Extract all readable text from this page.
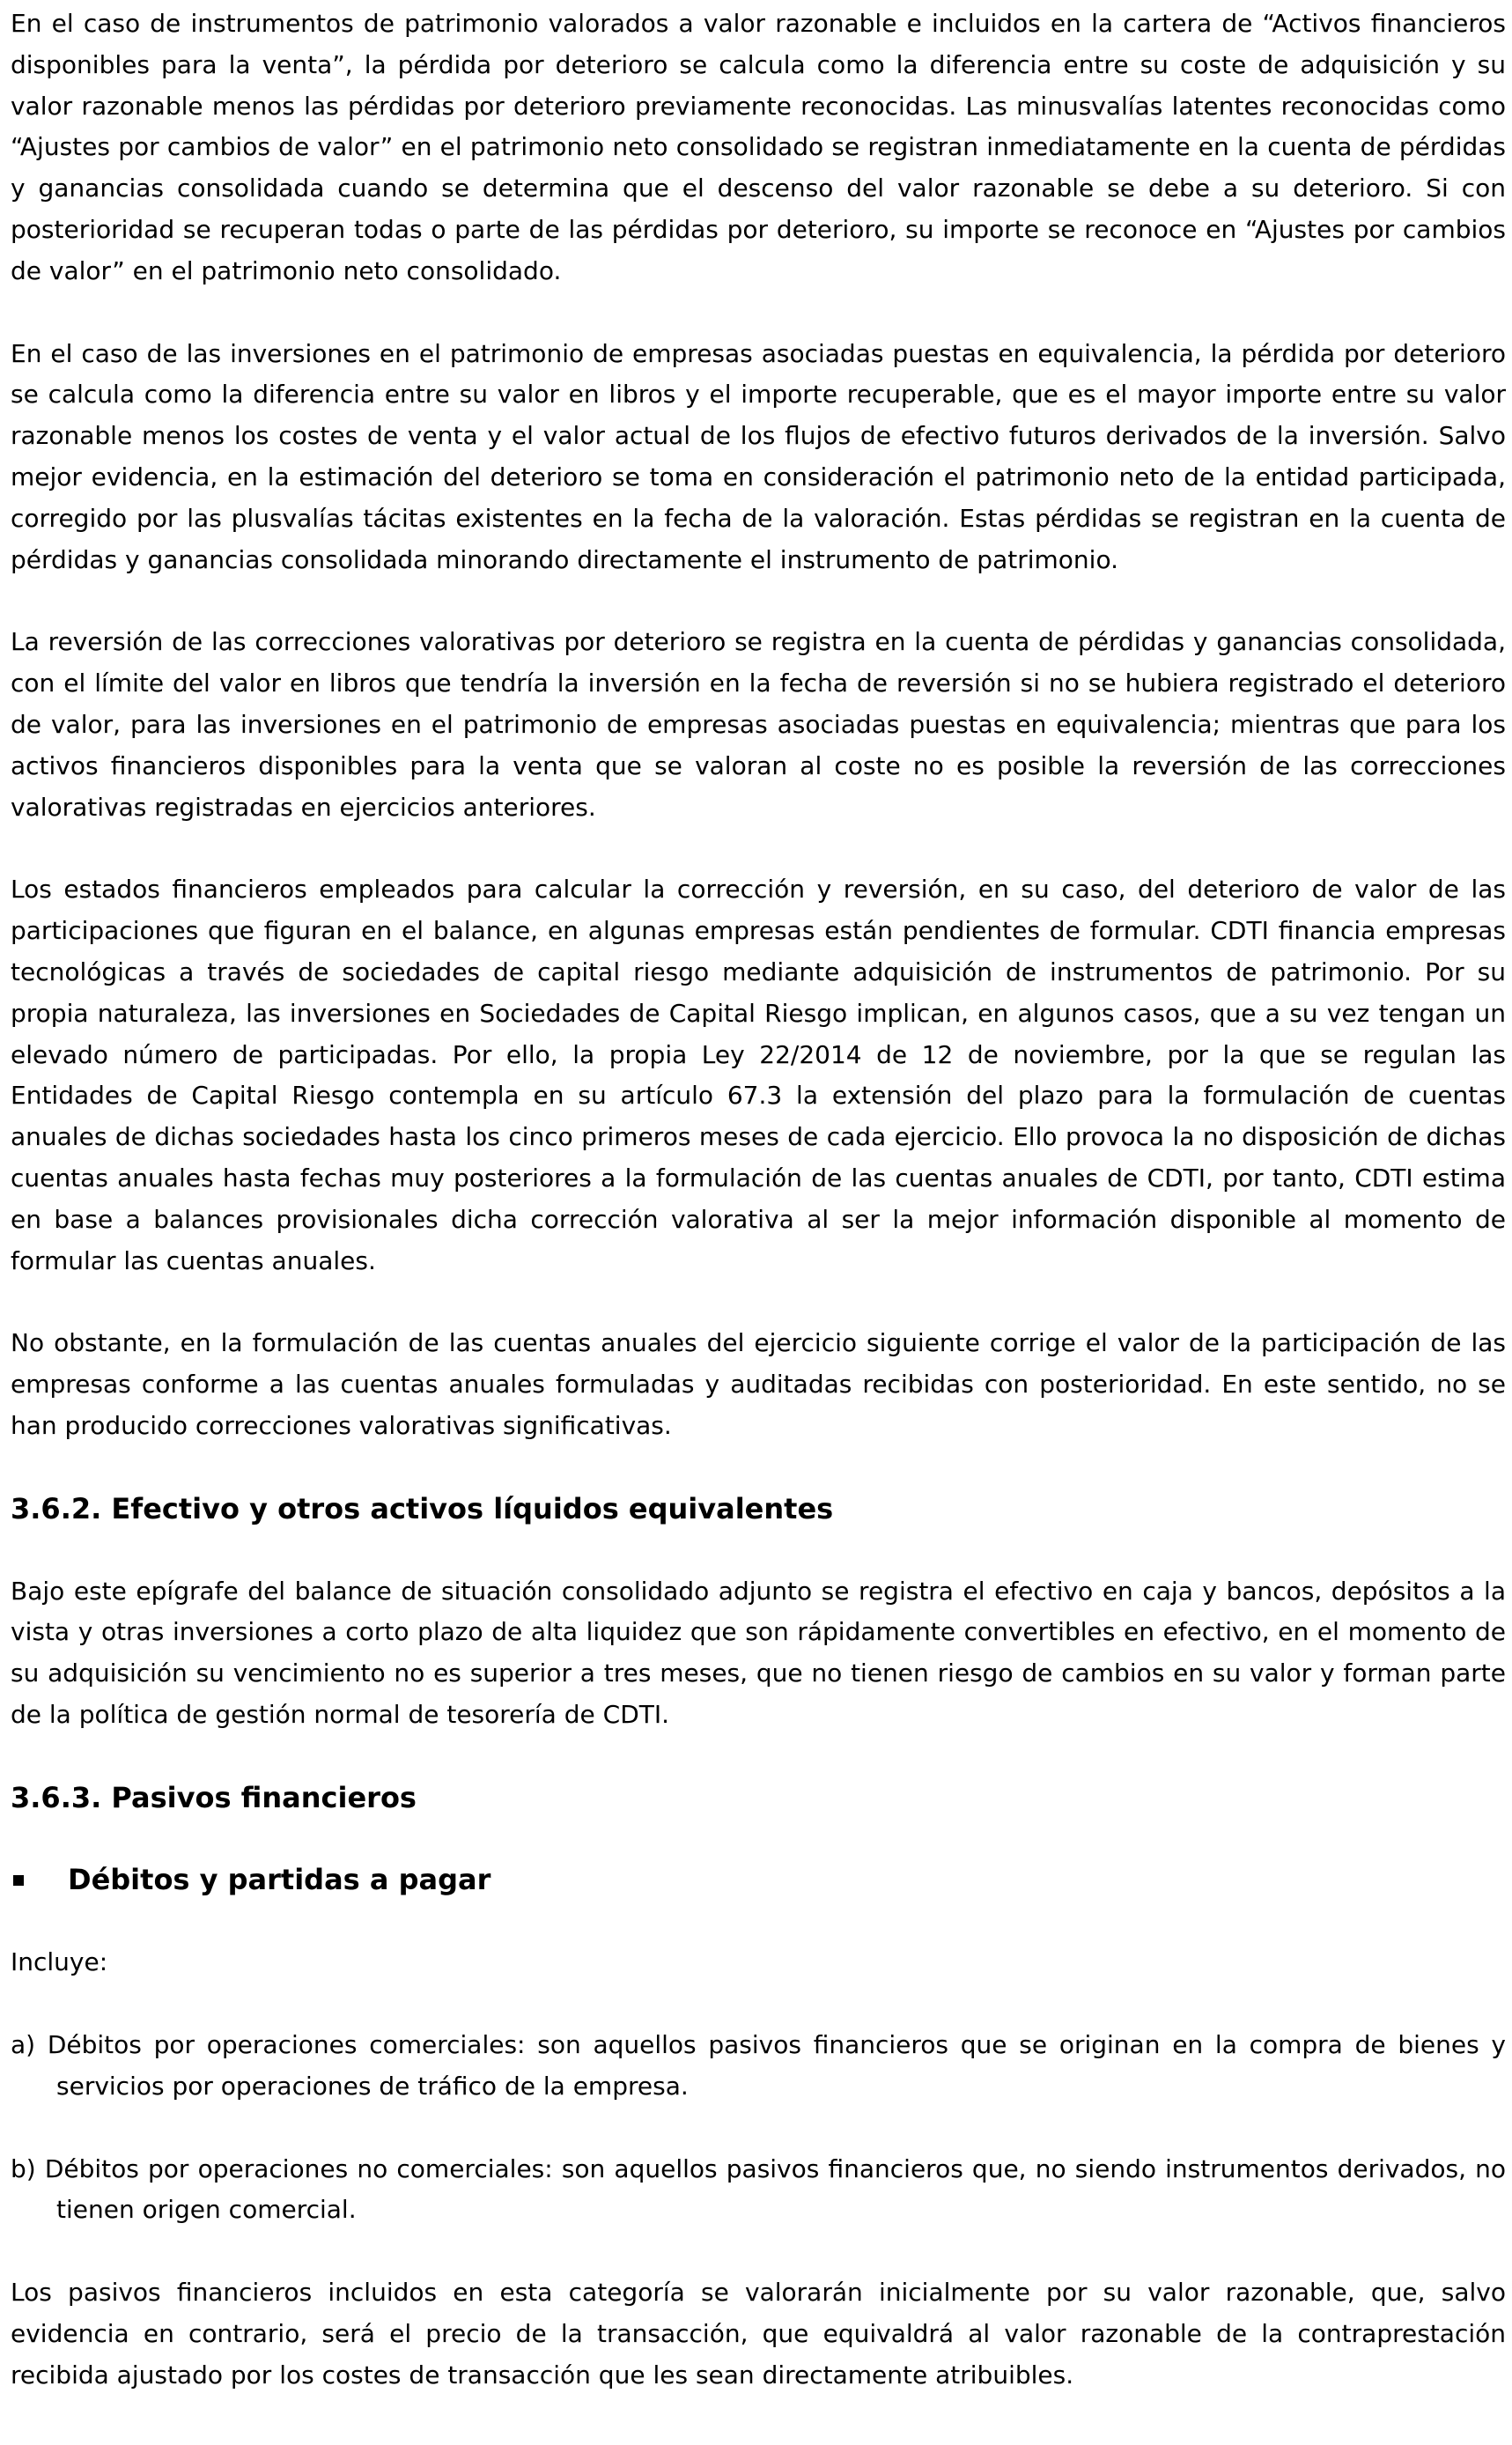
En el caso de instrumentos de patrimonio valorados a valor razonable e incluidos en la cartera de “Activos financieros disponibles para la venta”, la pérdida por deterioro se calcula como la diferencia entre su coste de adquisición y su valor razonable menos las pérdidas por deterioro previamente reconocidas. Las minusvalías latentes reconocidas como “Ajustes por cambios de valor” en el patrimonio neto consolidado se registran inmediatamente en la cuenta de pérdidas y ganancias consolidada cuando se determina que el descenso del valor razonable se debe a su deterioro. Si con posterioridad se recuperan todas o parte de las pérdidas por deterioro, su importe se reconoce en “Ajustes por cambios de valor” en el patrimonio neto consolidado.

En el caso de las inversiones en el patrimonio de empresas asociadas puestas en equivalencia, la pérdida por deterioro se calcula como la diferencia entre su valor en libros y el importe recuperable, que es el mayor importe entre su valor razonable menos los costes de venta y el valor actual de los flujos de efectivo futuros derivados de la inversión. Salvo mejor evidencia, en la estimación del deterioro se toma en consideración el patrimonio neto de la entidad participada, corregido por las plusvalías tácitas existentes en la fecha de la valoración. Estas pérdidas se registran en la cuenta de pérdidas y ganancias consolidada minorando directamente el instrumento de patrimonio.

La reversión de las correcciones valorativas por deterioro se registra en la cuenta de pérdidas y ganancias consolidada, con el límite del valor en libros que tendría la inversión en la fecha de reversión si no se hubiera registrado el deterioro de valor, para las inversiones en el patrimonio de empresas asociadas puestas en equivalencia; mientras que para los activos financieros disponibles para la venta que se valoran al coste no es posible la reversión de las correcciones valorativas registradas en ejercicios anteriores.

Los estados financieros empleados para calcular la corrección y reversión, en su caso, del deterioro de valor de las participaciones que figuran en el balance, en algunas empresas están pendientes de formular. CDTI financia empresas tecnológicas a través de sociedades de capital riesgo mediante adquisición de instrumentos de patrimonio. Por su propia naturaleza, las inversiones en Sociedades de Capital Riesgo implican, en algunos casos, que a su vez tengan un elevado número de participadas. Por ello, la propia Ley 22/2014 de 12 de noviembre, por la que se regulan las Entidades de Capital Riesgo contempla en su artículo 67.3 la extensión del plazo para la formulación de cuentas anuales de dichas sociedades hasta los cinco primeros meses de cada ejercicio. Ello provoca la no disposición de dichas cuentas anuales hasta fechas muy posteriores a la formulación de las cuentas anuales de CDTI, por tanto, CDTI estima en base a balances provisionales dicha corrección valorativa al ser la mejor información disponible al momento de formular las cuentas anuales.

No obstante, en la formulación de las cuentas anuales del ejercicio siguiente corrige el valor de la participación de las empresas conforme a las cuentas anuales formuladas y auditadas recibidas con posterioridad. En este sentido, no se han producido correcciones valorativas significativas.

3.6.2. Efectivo y otros activos líquidos equivalentes

Bajo este epígrafe del balance de situación consolidado adjunto se registra el efectivo en caja y bancos, depósitos a la vista y otras inversiones a corto plazo de alta liquidez que son rápidamente convertibles en efectivo, en el momento de su adquisición su vencimiento no es superior a tres meses, que no tienen riesgo de cambios en su valor y forman parte de la política de gestión normal de tesorería de CDTI.

3.6.3. Pasivos financieros
Débitos y partidas a pagar

Incluye:

a) Débitos por operaciones comerciales: son aquellos pasivos financieros que se originan en la compra de bienes y servicios por operaciones de tráfico de la empresa.

b) Débitos por operaciones no comerciales: son aquellos pasivos financieros que, no siendo instrumentos derivados, no tienen origen comercial.

Los pasivos financieros incluidos en esta categoría se valorarán inicialmente por su valor razonable, que, salvo evidencia en contrario, será el precio de la transacción, que equivaldrá al valor razonable de la contraprestación recibida ajustado por los costes de transacción que les sean directamente atribuibles.
